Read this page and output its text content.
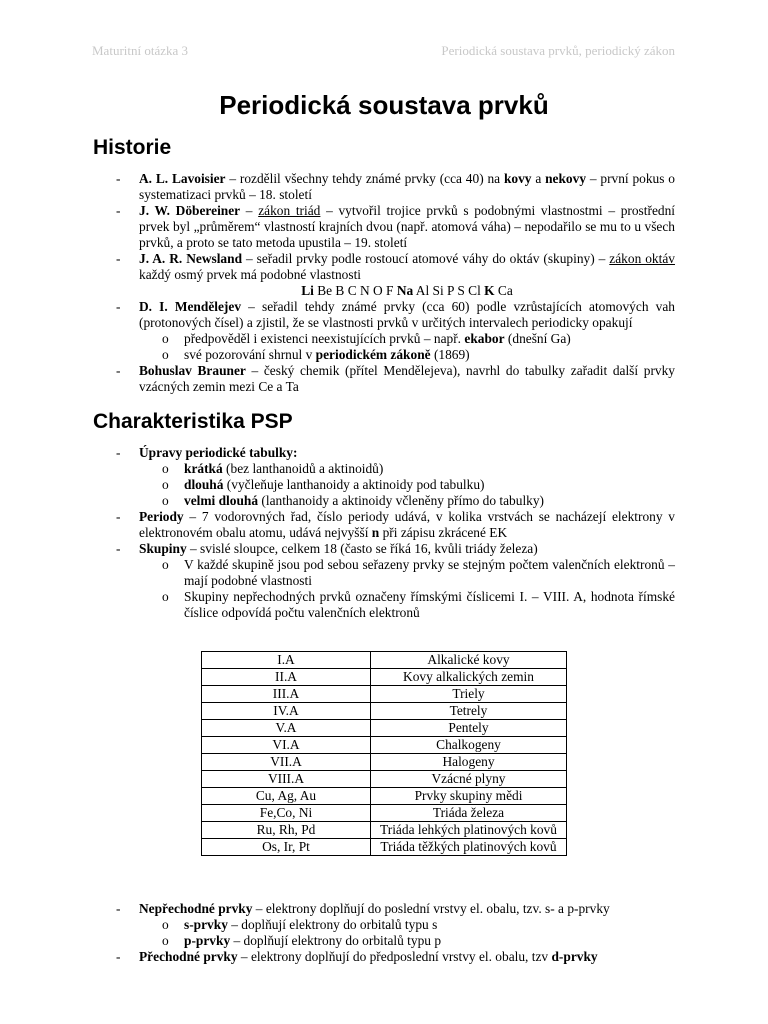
Maturitní otázka 3	Periodická soustava prvků, periodický zákon
Periodická soustava prvků
Historie
- A. L. Lavoisier – rozdělil všechny tehdy známé prvky (cca 40) na kovy a nekovy – první pokus o systematizaci prvků – 18. století
- J. W. Döbereiner – zákon triád – vytvořil trojice prvků s podobnými vlastnostmi – prostřední prvek byl „průměrem“ vlastností krajních dvou (např. atomová váha) – nepodařilo se mu to u všech prvků, a proto se tato metoda upustila – 19. století
- J. A. R. Newsland – seřadil prvky podle rostoucí atomové váhy do oktáv (skupiny) – zákon oktáv každý osmý prvek má podobné vlastnosti
Li Be B C N O F Na Al Si P S Cl K Ca
- D. I. Mendělejev – seřadil tehdy známé prvky (cca 60) podle vzrůstajících atomových vah (protonových čísel) a zjistil, že se vlastnosti prvků v určitých intervalech periodicky opakují
o předpověděl i existenci neexistujících prvků – např. ekabor (dnešní Ga)
o své pozorování shrnul v periodickém zákoně (1869)
- Bohuslav Brauner – český chemik (přítel Mendělejeva), navrhl do tabulky zařadit další prvky vzácných zemin mezi Ce a Ta
Charakteristika PSP
- Úpravy periodické tabulky:
o krátká (bez lanthanoidů a aktinoidů)
o dlouhá (vyčleňuje lanthanoidy a aktinoidy pod tabulku)
o velmi dlouhá (lanthanoidy a aktinoidy včleněny přímo do tabulky)
- Periody – 7 vodorovných řad, číslo periody udává, v kolika vrstvách se nacházejí elektrony v elektronovém obalu atomu, udává nejvyšší n při zápisu zkrácené EK
- Skupiny – svislé sloupce, celkem 18 (často se říká 16, kvůli triády železa)
o V každé skupině jsou pod sebou seřazeny prvky se stejným počtem valenčních elektronů – mají podobné vlastnosti
o Skupiny nepřechodných prvků označeny římskými číslicemi I. – VIII. A, hodnota římské číslice odpovídá počtu valenčních elektronů
I.A	Alkalické kovy
II.A	Kovy alkalických zemin
III.A	Triely
IV.A	Tetrely
V.A	Pentely
VI.A	Chalkogeny
VII.A	Halogeny
VIII.A	Vzácné plyny
Cu, Ag, Au	Prvky skupiny mědi
Fe,Co, Ni	Triáda železa
Ru, Rh, Pd	Triáda lehkých platinových kovů
Os, Ir, Pt	Triáda těžkých platinových kovů
- Nepřechodné prvky – elektrony doplňují do poslední vrstvy el. obalu, tzv. s- a p-prvky
o s-prvky – doplňují elektrony do orbitalů typu s
o p-prvky – doplňují elektrony do orbitalů typu p
- Přechodné prvky – elektrony doplňují do předposlední vrstvy el. obalu, tzv d-prvky
